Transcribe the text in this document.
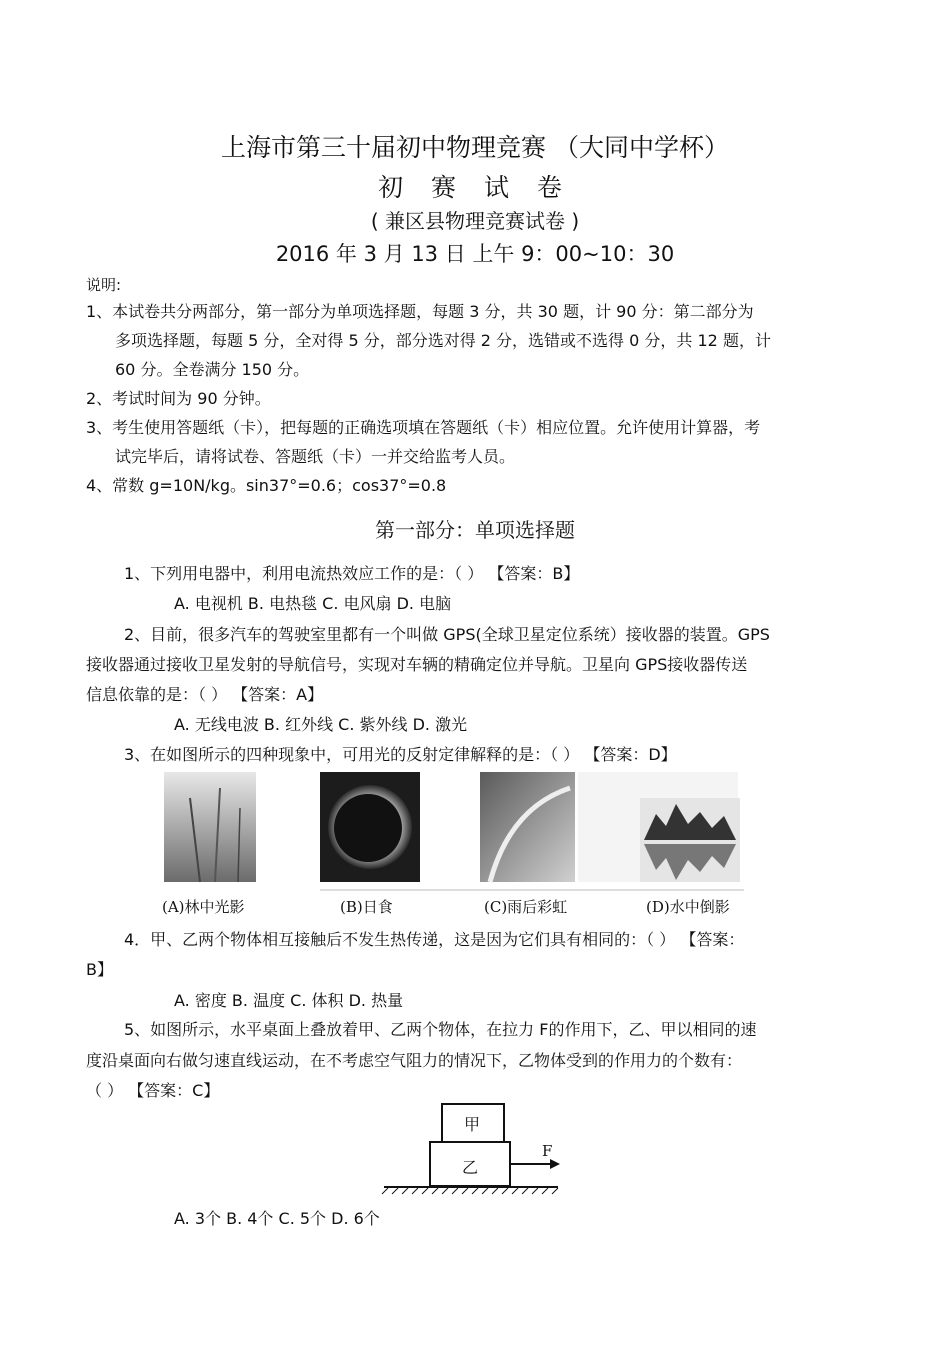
上海市第三十届初中物理竞赛 （大同中学杯）
初 赛 试 卷
( 兼区县物理竞赛试卷 )
2016 年 3 月 13 日 上午 9：00~10：30
说明:
1、本试卷共分两部分，第一部分为单项选择题，每题 3 分，共 30 题，计 90 分：第二部分为
多项选择题，每题 5 分，全对得 5 分，部分选对得 2 分，选错或不选得 0 分，共 12 题，计
60 分。全卷满分 150 分。
2、考试时间为 90 分钟。
3、考生使用答题纸（卡），把每题的正确选项填在答题纸（卡）相应位置。允许使用计算器，考
试完毕后，请将试卷、答题纸（卡）一并交给监考人员。
4、常数 g=10N/kg。sin37°=0.6；cos37°=0.8
第一部分：单项选择题
1、下列用电器中，利用电流热效应工作的是：（ ） 【答案：B】
A. 电视机 B. 电热毯 C. 电风扇 D. 电脑
2、目前，很多汽车的驾驶室里都有一个叫做 GPS(全球卫星定位系统）接收器的装置。GPS
接收器通过接收卫星发射的导航信号，实现对车辆的精确定位并导航。卫星向 GPS接收器传送
信息依靠的是：（ ） 【答案：A】
A. 无线电波 B. 红外线 C. 紫外线 D. 激光
3、在如图所示的四种现象中，可用光的反射定律解释的是：（ ） 【答案：D】
(A)林中光影	(B)日食	(C)雨后彩虹	(D)水中倒影
4．甲、乙两个物体相互接触后不发生热传递，这是因为它们具有相同的：（ ） 【答案：
B】
A. 密度 B. 温度 C. 体积 D. 热量
5、如图所示，水平桌面上叠放着甲、乙两个物体，在拉力 F的作用下，乙、甲以相同的速
度沿桌面向右做匀速直线运动，在不考虑空气阻力的情况下，乙物体受到的作用力的个数有：
（ ） 【答案：C】
甲
乙
F
A. 3个 B. 4个 C. 5个 D. 6个
